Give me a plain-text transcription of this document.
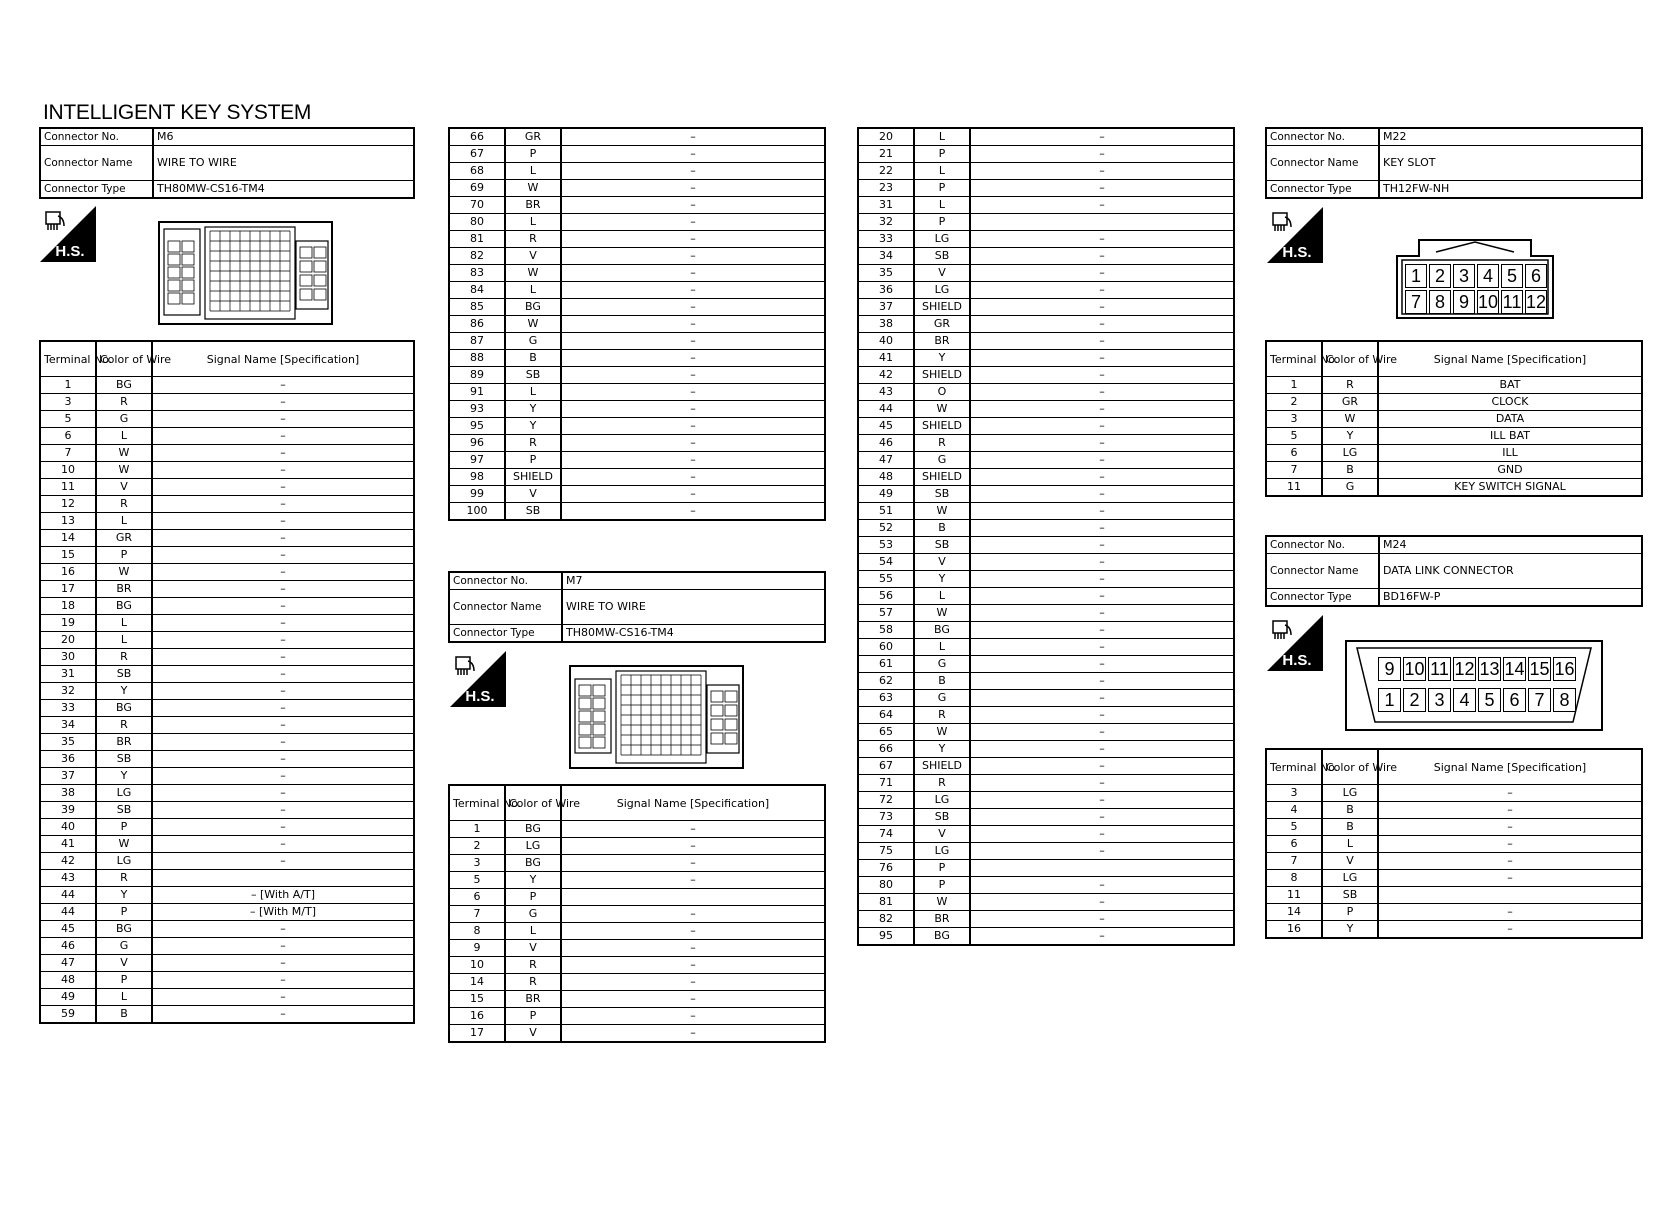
INTELLIGENT KEY SYSTEM
Connector No.	M6
Connector Name	WIRE TO WIRE
Connector Type	TH80MW-CS16-TM4
H.S.
Terminal No.	Color of Wire	Signal Name [Specification]
1	BG	–
3	R	–
5	G	–
6	L	–
7	W	–
10	W	–
11	V	–
12	R	–
13	L	–
14	GR	–
15	P	–
16	W	–
17	BR	–
18	BG	–
19	L	–
20	L	–
30	R	–
31	SB	–
32	Y	–
33	BG	–
34	R	–
35	BR	–
36	SB	–
37	Y	–
38	LG	–
39	SB	–
40	P	–
41	W	–
42	LG	–
43	R	
44	Y	– [With A/T]
44	P	– [With M/T]
45	BG	–
46	G	–
47	V	–
48	P	–
49	L	–
59	B	–
66	GR	–
67	P	–
68	L	–
69	W	–
70	BR	–
80	L	–
81	R	–
82	V	–
83	W	–
84	L	–
85	BG	–
86	W	–
87	G	–
88	B	–
89	SB	–
91	L	–
93	Y	–
95	Y	–
96	R	–
97	P	–
98	SHIELD	–
99	V	–
100	SB	–
Connector No.	M7
Connector Name	WIRE TO WIRE
Connector Type	TH80MW-CS16-TM4
H.S.
Terminal No.	Color of Wire	Signal Name [Specification]
1	BG	–
2	LG	–
3	BG	–
5	Y	–
6	P	
7	G	–
8	L	–
9	V	–
10	R	–
14	R	–
15	BR	–
16	P	–
17	V	–
20	L	–
21	P	–
22	L	–
23	P	–
31	L	–
32	P	
33	LG	–
34	SB	–
35	V	–
36	LG	–
37	SHIELD	–
38	GR	–
40	BR	–
41	Y	–
42	SHIELD	–
43	O	–
44	W	–
45	SHIELD	–
46	R	–
47	G	–
48	SHIELD	–
49	SB	–
51	W	–
52	B	–
53	SB	–
54	V	–
55	Y	–
56	L	–
57	W	–
58	BG	–
60	L	–
61	G	–
62	B	–
63	G	–
64	R	–
65	W	–
66	Y	–
67	SHIELD	–
71	R	–
72	LG	–
73	SB	–
74	V	–
75	LG	–
76	P	
80	P	–
81	W	–
82	BR	–
95	BG	–
Connector No.	M22
Connector Name	KEY SLOT
Connector Type	TH12FW-NH
H.S.
1 2 3 4 5 6
7 8 9 10 11 12
Terminal No.	Color of Wire	Signal Name [Specification]
1	R	BAT
2	GR	CLOCK
3	W	DATA
5	Y	ILL BAT
6	LG	ILL
7	B	GND
11	G	KEY SWITCH SIGNAL
Connector No.	M24
Connector Name	DATA LINK CONNECTOR
Connector Type	BD16FW-P
H.S.	9 10 11 12 13 14 15 16
1 2 3 4 5 6 7 8
Terminal No.	Color of Wire	Signal Name [Specification]
3	LG	–
4	B	–
5	B	–
6	L	–
7	V	–
8	LG	–
11	SB	
14	P	–
16	Y	–
